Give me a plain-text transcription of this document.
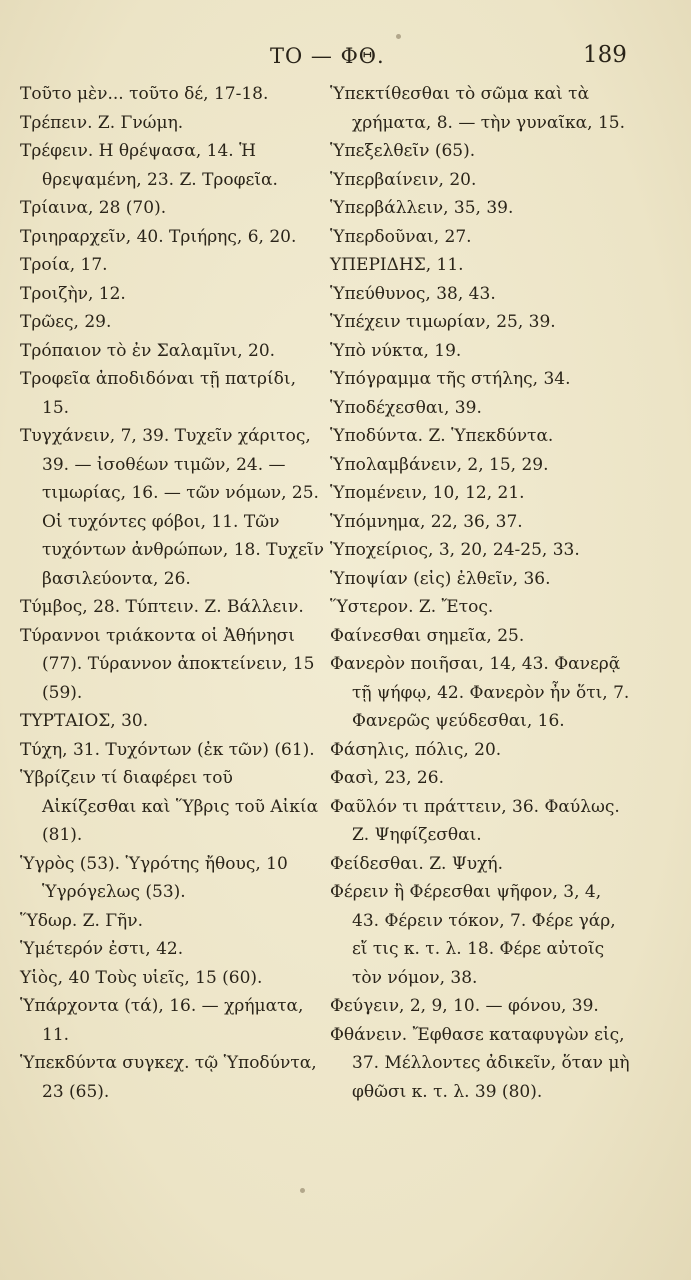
ΤΟ — ΦΘ.	189
Τοῦτο μὲν... τοῦτο δέ, 17-18.
Τρέπειν. Ζ. Γνώμη.
Τρέφειν. Η θρέψασα, 14. Ἡ θρεψαμένη, 23. Ζ. Τροφεῖα.
Τρίαινα, 28 (70).
Τριηραρχεῖν, 40. Τριήρης, 6, 20.
Τροία, 17.
Τροιζὴν, 12.
Τρῶες, 29.
Τρόπαιον τὸ ἐν Σαλαμῖνι, 20.
Τροφεῖα ἀποδιδόναι τῇ πατρίδι, 15.
Τυγχάνειν, 7, 39. Τυχεῖν χάριτος, 39. — ἰσοθέων τιμῶν, 24. — τιμωρίας, 16. — τῶν νόμων, 25. Οἱ τυχόντες φόβοι, 11. Τῶν τυχόντων ἀνθρώπων, 18. Τυχεῖν βασιλεύοντα, 26.
Τύμβος, 28. Τύπτειν. Ζ. Βάλλειν.
Τύραννοι τριάκοντα οἱ Ἀθήνησι (77). Τύραννον ἀποκτείνειν, 15 (59).
ΤΥΡΤΑΙΟΣ, 30.
Τύχη, 31. Τυχόντων (ἐκ τῶν) (61).
Ὑβρίζειν τί διαφέρει τοῦ Αἰκίζεσθαι καὶ Ὕβρις τοῦ Αἰκία (81).
Ὑγρὸς (53). Ὑγρότης ἤθους, 10 Ὑγρόγελως (53).
Ὕδωρ. Ζ. Γῆν.
Ὑμέτερόν ἐστι, 42.
Υἱὸς, 40 Τοὺς υἱεῖς, 15 (60).
Ὑπάρχοντα (τά), 16. — χρήματα, 11.
Ὑπεκδύντα συγκεχ. τῷ Ὑποδύντα, 23 (65).
Ὑπεκτίθεσθαι τὸ σῶμα καὶ τὰ χρήματα, 8. — τὴν γυναῖκα, 15.
Ὑπεξελθεῖν (65).
Ὑπερβαίνειν, 20.
Ὑπερβάλλειν, 35, 39.
Ὑπερδοῦναι, 27.
ΥΠΕΡΙΔΗΣ, 11.
Ὑπεύθυνος, 38, 43.
Ὑπέχειν τιμωρίαν, 25, 39.
Ὑπὸ νύκτα, 19.
Ὑπόγραμμα τῆς στήλης, 34.
Ὑποδέχεσθαι, 39.
Ὑποδύντα. Ζ. Ὑπεκδύντα.
Ὑπολαμβάνειν, 2, 15, 29.
Ὑπομένειν, 10, 12, 21.
Ὑπόμνημα, 22, 36, 37.
Ὑποχείριος, 3, 20, 24-25, 33.
Ὑποψίαν (εἰς) ἐλθεῖν, 36.
Ὕστερον. Ζ. Ἔτος.
Φαίνεσθαι σημεῖα, 25.
Φανερὸν ποιῆσαι, 14, 43. Φανερᾷ τῇ ψήφῳ, 42. Φανερὸν ἦν ὅτι, 7. Φανερῶς ψεύδεσθαι, 16.
Φάσηλις, πόλις, 20.
Φασὶ, 23, 26.
Φαῦλόν τι πράττειν, 36. Φαύλως. Ζ. Ψηφίζεσθαι.
Φείδεσθαι. Ζ. Ψυχή.
Φέρειν ἢ Φέρεσθαι ψῆφον, 3, 4, 43. Φέρειν τόκον, 7. Φέρε γάρ, εἴ τις κ. τ. λ. 18. Φέρε αὐτοῖς τὸν νόμον, 38.
Φεύγειν, 2, 9, 10. — φόνου, 39.
Φθάνειν. Ἔφθασε καταφυγὼν εἰς, 37. Μέλλοντες ἀδικεῖν, ὅταν μὴ φθῶσι κ. τ. λ. 39 (80).
